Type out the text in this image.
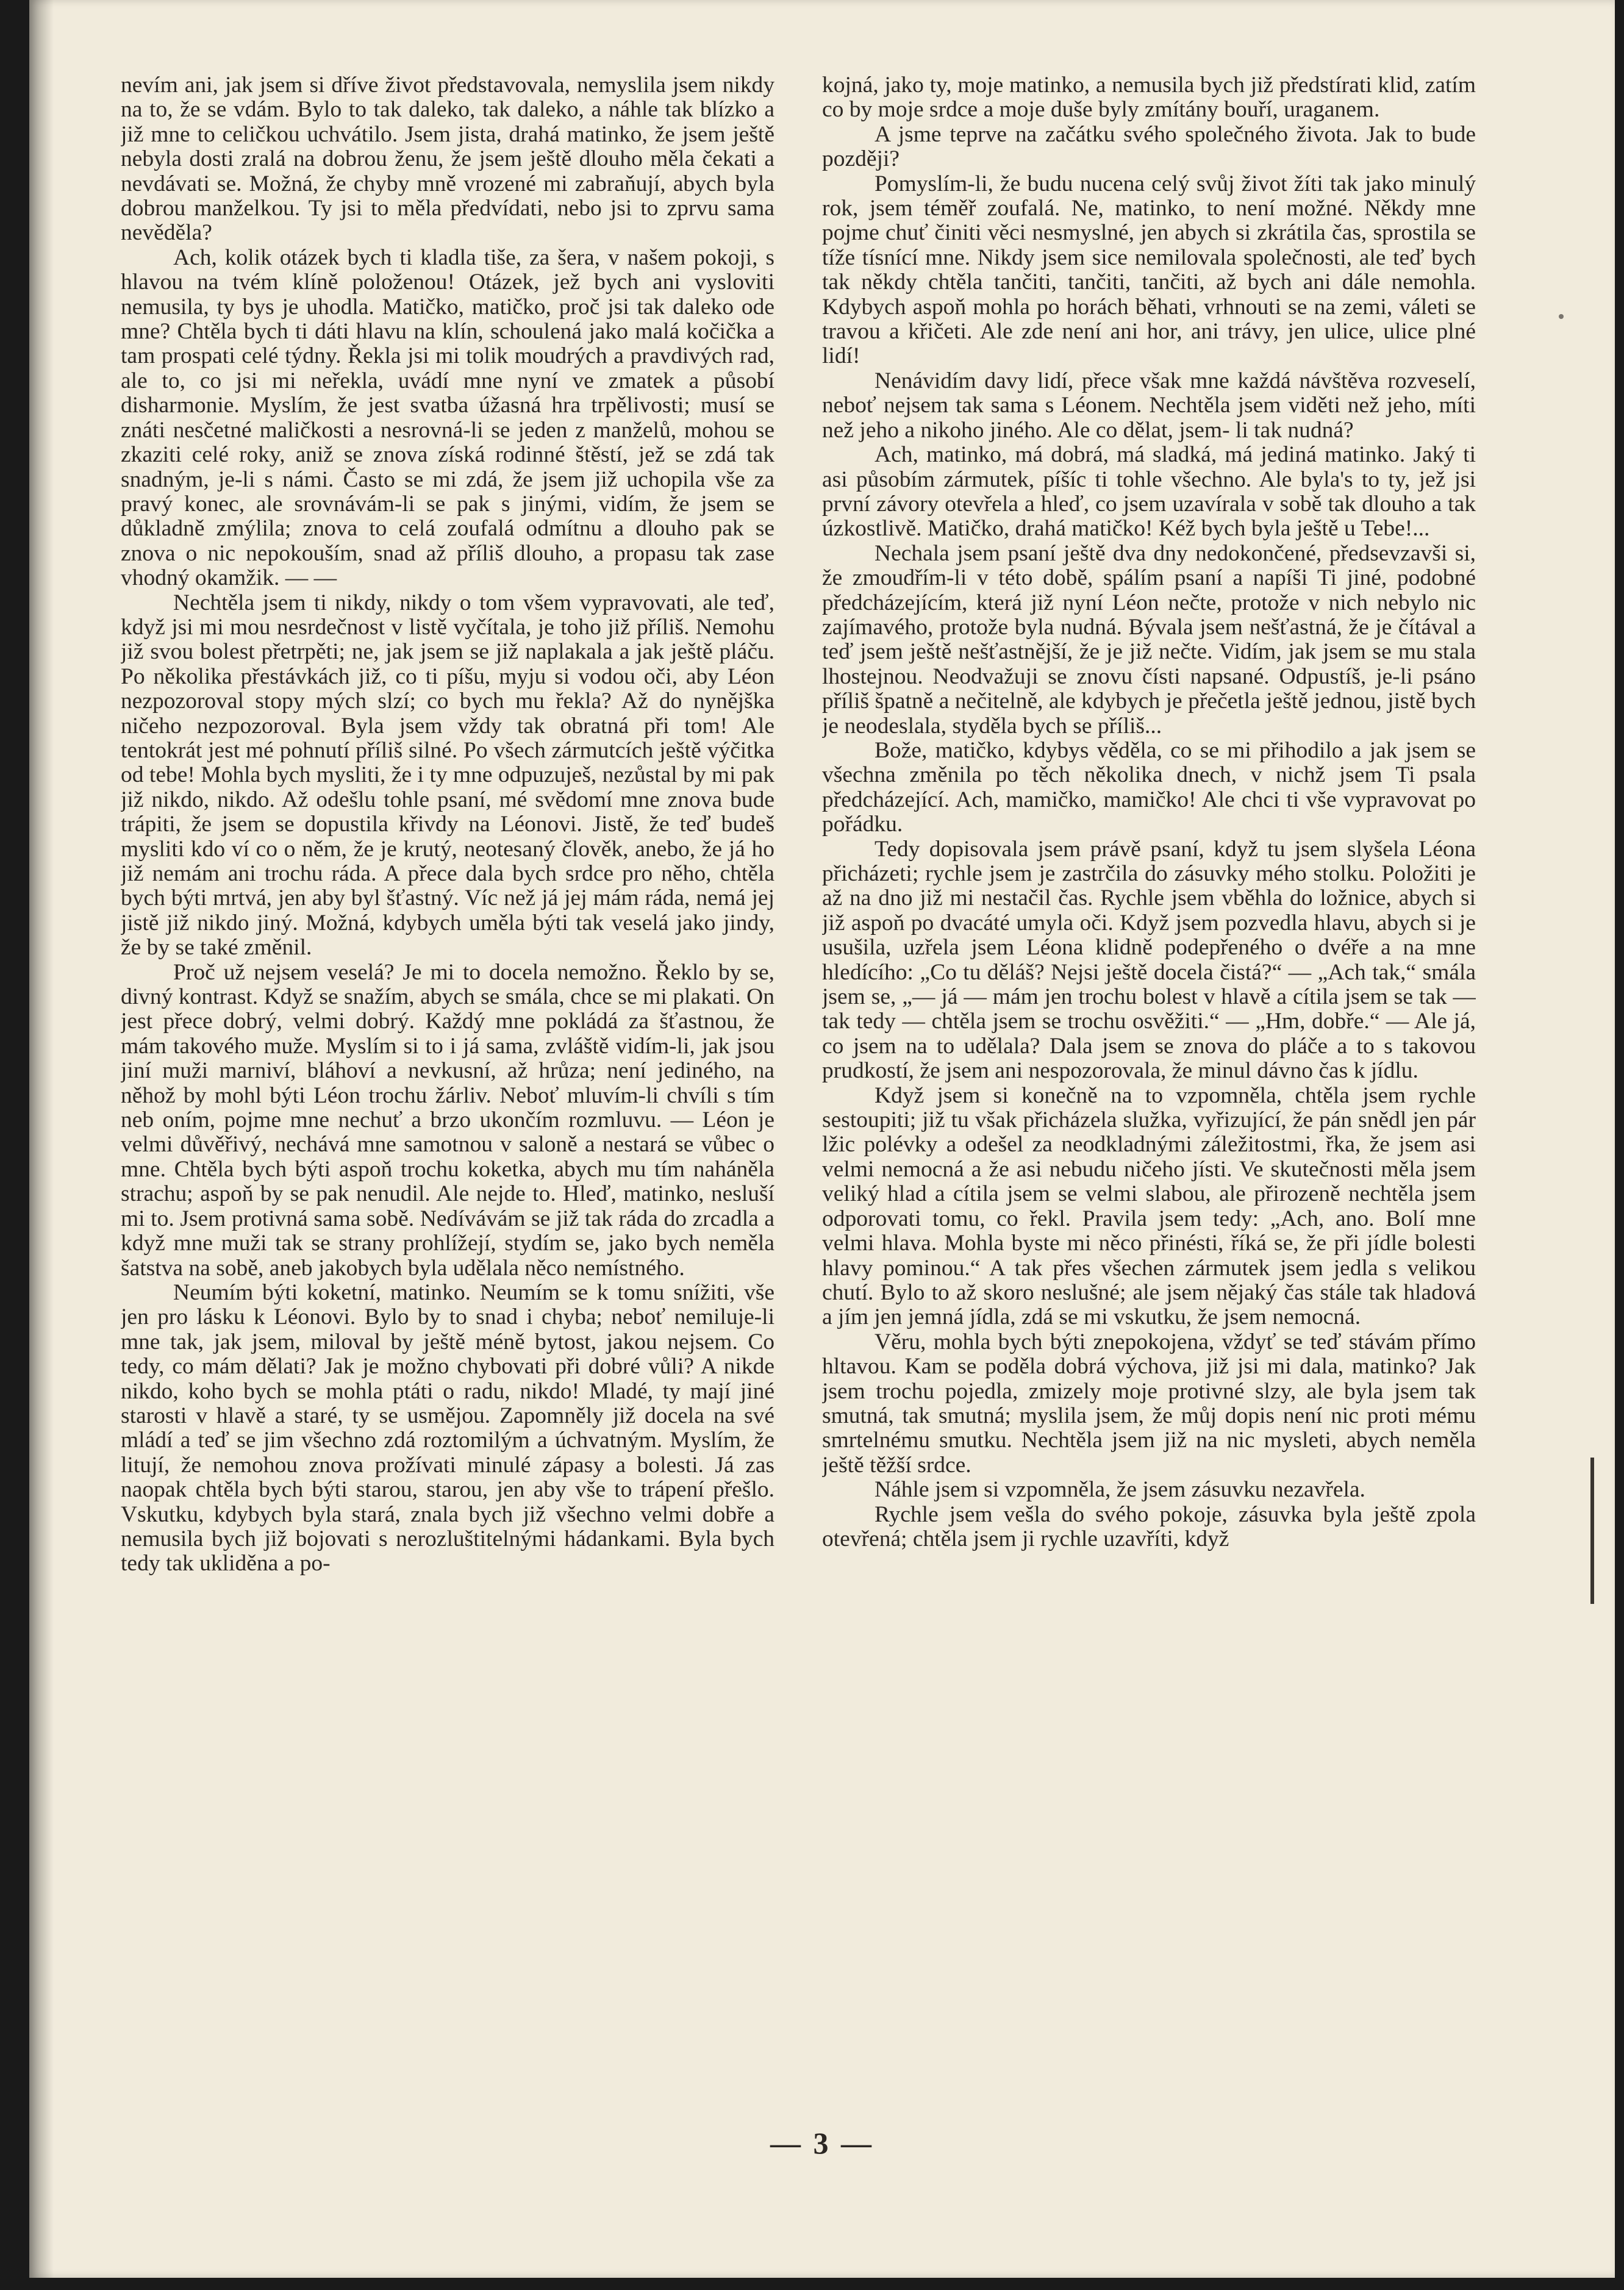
nevím ani, jak jsem si dříve život představovala, nemyslila jsem nikdy na to, že se vdám. Bylo to tak daleko, tak daleko, a náhle tak blízko a již mne to celičkou uchvátilo. Jsem jista, drahá matinko, že jsem ještě nebyla dosti zralá na dobrou ženu, že jsem ještě dlouho měla čekati a nevdávati se. Možná, že chyby mně vrozené mi zabraňují, abych byla dobrou manželkou. Ty jsi to měla předvídati, nebo jsi to zprvu sama nevěděla?

Ach, kolik otázek bych ti kladla tiše, za šera, v našem pokoji, s hlavou na tvém klíně položenou! Otázek, jež bych ani vysloviti nemusila, ty bys je uhodla. Matičko, matičko, proč jsi tak daleko ode mne? Chtěla bych ti dáti hlavu na klín, schoulená jako malá kočička a tam prospati celé týdny. Řekla jsi mi tolik moudrých a pravdivých rad, ale to, co jsi mi neřekla, uvádí mne nyní ve zmatek a působí disharmonie. Myslím, že jest svatba úžasná hra trpělivosti; musí se znáti nesčetné maličkosti a nesrovná-li se jeden z manželů, mohou se zkaziti celé roky, aniž se znova získá rodinné štěstí, jež se zdá tak snadným, je-li s námi. Často se mi zdá, že jsem již uchopila vše za pravý konec, ale srovnávám-li se pak s jinými, vidím, že jsem se důkladně zmýlila; znova to celá zoufalá odmítnu a dlouho pak se znova o nic nepokouším, snad až příliš dlouho, a propasu tak zase vhodný okamžik. — —

Nechtěla jsem ti nikdy, nikdy o tom všem vypravovati, ale teď, když jsi mi mou nesrdečnost v listě vyčítala, je toho již příliš. Nemohu již svou bolest přetrpěti; ne, jak jsem se již naplakala a jak ještě pláču. Po několika přestávkách již, co ti píšu, myju si vodou oči, aby Léon nezpozoroval stopy mých slzí; co bych mu řekla? Až do nynějška ničeho nezpozoroval. Byla jsem vždy tak obratná při tom! Ale tentokrát jest mé pohnutí příliš silné. Po všech zármutcích ještě výčitka od tebe! Mohla bych mysliti, že i ty mne odpuzuješ, nezůstal by mi pak již nikdo, nikdo. Až odešlu tohle psaní, mé svědomí mne znova bude trápiti, že jsem se dopustila křivdy na Léonovi. Jistě, že teď budeš mysliti kdo ví co o něm, že je krutý, neotesaný člověk, anebo, že já ho již nemám ani trochu ráda. A přece dala bych srdce pro něho, chtěla bych býti mrtvá, jen aby byl šťastný. Víc než já jej mám ráda, nemá jej jistě již nikdo jiný. Možná, kdybych uměla býti tak veselá jako jindy, že by se také změnil.

Proč už nejsem veselá? Je mi to docela nemožno. Řeklo by se, divný kontrast. Když se snažím, abych se smála, chce se mi plakati. On jest přece dobrý, velmi dobrý. Každý mne pokládá za šťastnou, že mám takového muže. Myslím si to i já sama, zvláště vidím-li, jak jsou jiní muži marniví, bláhoví a nevkusní, až hrůza; není jediného, na něhož by mohl býti Léon trochu žárliv. Neboť mluvím-li chvíli s tím neb oním, pojme mne nechuť a brzo ukončím rozmluvu. — Léon je velmi důvěřivý, nechává mne samotnou v saloně a nestará se vůbec o mne. Chtěla bych býti aspoň trochu koketka, abych mu tím naháněla strachu; aspoň by se pak nenudil. Ale nejde to. Hleď, matinko, nesluší mi to. Jsem protivná sama sobě. Nedívávám se již tak ráda do zrcadla a když mne muži tak se strany prohlížejí, stydím se, jako bych neměla šatstva na sobě, aneb jakobych byla udělala něco nemístného.

Neumím býti koketní, matinko. Neumím se k tomu snížiti, vše jen pro lásku k Léonovi. Bylo by to snad i chyba; neboť nemiluje-li mne tak, jak jsem, miloval by ještě méně bytost, jakou nejsem. Co tedy, co mám dělati? Jak je možno chybovati při dobré vůli? A nikde nikdo, koho bych se mohla ptáti o radu, nikdo! Mladé, ty mají jiné starosti v hlavě a staré, ty se usmějou. Zapomněly již docela na své mládí a teď se jim všechno zdá roztomilým a úchvatným. Myslím, že litují, že nemohou znova prožívati minulé zápasy a bolesti. Já zas naopak chtěla bych býti starou, starou, jen aby vše to trápení přešlo. Vskutku, kdybych byla stará, znala bych již všechno velmi dobře a nemusila bych již bojovati s nerozluštitelnými hádankami. Byla bych tedy tak ukliděna a po-

kojná, jako ty, moje matinko, a nemusila bych již předstírati klid, zatím co by moje srdce a moje duše byly zmítány bouří, uraganem.

A jsme teprve na začátku svého společného života. Jak to bude později?

Pomyslím-li, že budu nucena celý svůj život žíti tak jako minulý rok, jsem téměř zoufalá. Ne, matinko, to není možné. Někdy mne pojme chuť činiti věci nesmyslné, jen abych si zkrátila čas, sprostila se tíže tísnící mne. Nikdy jsem sice nemilovala společnosti, ale teď bych tak někdy chtěla tančiti, tančiti, tančiti, až bych ani dále nemohla. Kdybych aspoň mohla po horách běhati, vrhnouti se na zemi, váleti se travou a křičeti. Ale zde není ani hor, ani trávy, jen ulice, ulice plné lidí!

Nenávidím davy lidí, přece však mne každá návštěva rozveselí, neboť nejsem tak sama s Léonem. Nechtěla jsem viděti než jeho, míti než jeho a nikoho jiného. Ale co dělat, jsem- li tak nudná?

Ach, matinko, má dobrá, má sladká, má jediná matinko. Jaký ti asi působím zármutek, píšíc ti tohle všechno. Ale byla's to ty, jež jsi první závory otevřela a hleď, co jsem uzavírala v sobě tak dlouho a tak úzkostlivě. Matičko, drahá matičko! Kéž bych byla ještě u Tebe!...

Nechala jsem psaní ještě dva dny nedokončené, předsevzavši si, že zmoudřím-li v této době, spálím psaní a napíši Ti jiné, podobné předcházejícím, která již nyní Léon nečte, protože v nich nebylo nic zajímavého, protože byla nudná. Bývala jsem nešťastná, že je čítával a teď jsem ještě nešťastnější, že je již nečte. Vidím, jak jsem se mu stala lhostejnou. Neodvažuji se znovu čísti napsané. Odpustíš, je-li psáno příliš špatně a nečitelně, ale kdybych je přečetla ještě jednou, jistě bych je neodeslala, styděla bych se příliš...

Bože, matičko, kdybys věděla, co se mi přihodilo a jak jsem se všechna změnila po těch několika dnech, v nichž jsem Ti psala předcházející. Ach, mamičko, mamičko! Ale chci ti vše vypravovat po pořádku.

Tedy dopisovala jsem právě psaní, když tu jsem slyšela Léona přicházeti; rychle jsem je zastrčila do zásuvky mého stolku. Položiti je až na dno již mi nestačil čas. Rychle jsem vběhla do ložnice, abych si již aspoň po dvacáté umyla oči. Když jsem pozvedla hlavu, abych si je usušila, uzřela jsem Léona klidně podepřeného o dvéře a na mne hledícího: „Co tu děláš? Nejsi ještě docela čistá?“ — „Ach tak,“ smála jsem se, „— já — mám jen trochu bolest v hlavě a cítila jsem se tak — tak tedy — chtěla jsem se trochu osvěžiti.“ — „Hm, dobře.“ — Ale já, co jsem na to udělala? Dala jsem se znova do pláče a to s takovou prudkostí, že jsem ani nespozorovala, že minul dávno čas k jídlu.

Když jsem si konečně na to vzpomněla, chtěla jsem rychle sestoupiti; již tu však přicházela služka, vyřizující, že pán snědl jen pár lžic polévky a odešel za neodkladnými záležitostmi, řka, že jsem asi velmi nemocná a že asi nebudu ničeho jísti. Ve skutečnosti měla jsem veliký hlad a cítila jsem se velmi slabou, ale přirozeně nechtěla jsem odporovati tomu, co řekl. Pravila jsem tedy: „Ach, ano. Bolí mne velmi hlava. Mohla byste mi něco přinésti, říká se, že při jídle bolesti hlavy pominou.“ A tak přes všechen zármutek jsem jedla s velikou chutí. Bylo to až skoro neslušné; ale jsem nějaký čas stále tak hladová a jím jen jemná jídla, zdá se mi vskutku, že jsem nemocná.

Věru, mohla bych býti znepokojena, vždyť se teď stávám přímo hltavou. Kam se poděla dobrá výchova, již jsi mi dala, matinko? Jak jsem trochu pojedla, zmizely moje protivné slzy, ale byla jsem tak smutná, tak smutná; myslila jsem, že můj dopis není nic proti mému smrtelnému smutku. Nechtěla jsem již na nic mysleti, abych neměla ještě těžší srdce.

Náhle jsem si vzpomněla, že jsem zásuvku nezavřela.

Rychle jsem vešla do svého pokoje, zásuvka byla ještě zpola otevřená; chtěla jsem ji rychle uzavříti, když

— 3 —
